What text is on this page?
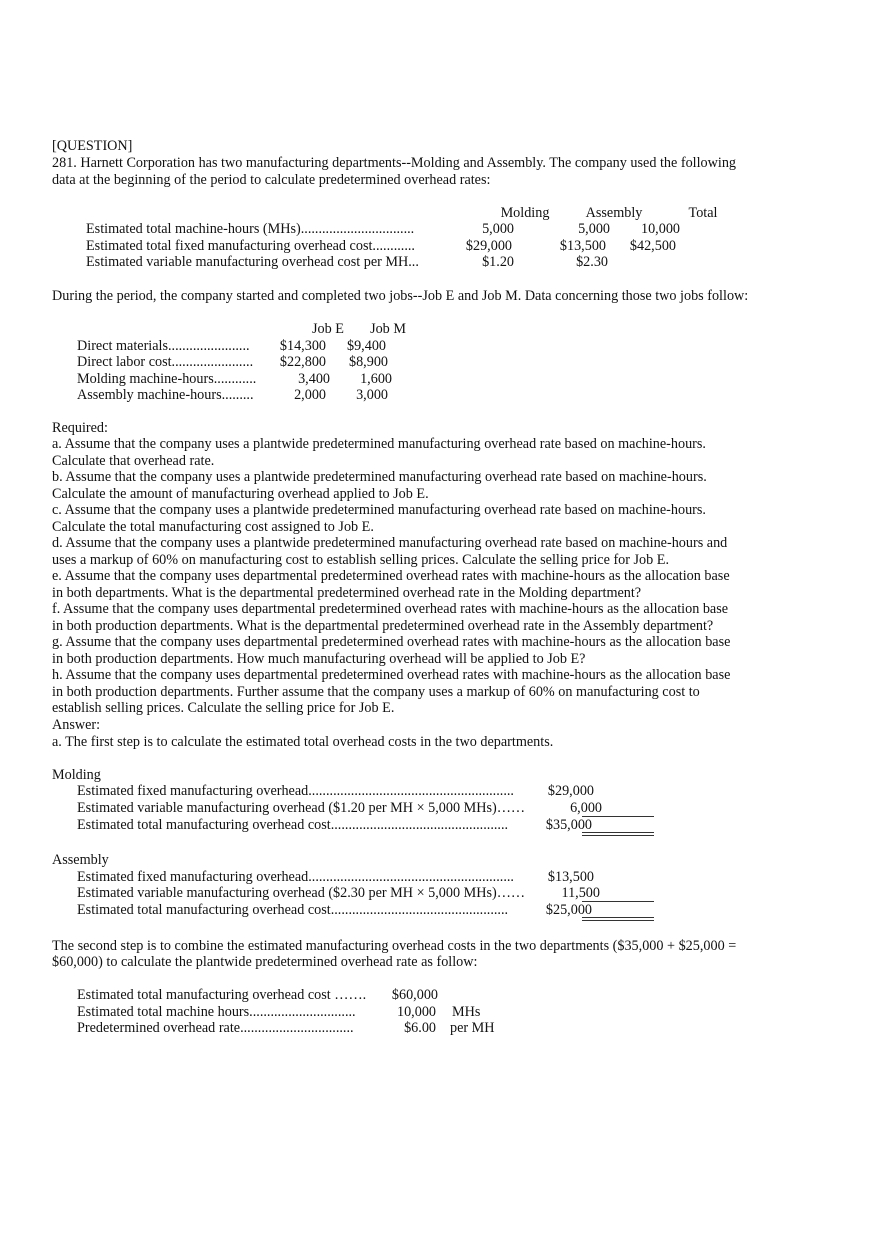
[QUESTION]
281. Harnett Corporation has two manufacturing departments--Molding and Assembly. The company used the following
data at the beginning of the period to calculate predetermined overhead rates:
Molding	Assembly	Total
Estimated total machine-hours (MHs)................................	5,000	5,000	10,000
Estimated total fixed manufacturing overhead cost............	$29,000	$13,500	$42,500
Estimated variable manufacturing overhead cost per MH...	$1.20	$2.30
During the period, the company started and completed two jobs--Job E and Job M. Data concerning those two jobs follow:
Job E	Job M
Direct materials.......................	$14,300	$9,400
Direct labor cost.......................	$22,800	$8,900
Molding machine-hours............	3,400	1,600
Assembly machine-hours.........	2,000	3,000
Required:
a. Assume that the company uses a plantwide predetermined manufacturing overhead rate based on machine-hours.
Calculate that overhead rate.
b. Assume that the company uses a plantwide predetermined manufacturing overhead rate based on machine-hours.
Calculate the amount of manufacturing overhead applied to Job E.
c. Assume that the company uses a plantwide predetermined manufacturing overhead rate based on machine-hours.
Calculate the total manufacturing cost assigned to Job E.
d. Assume that the company uses a plantwide predetermined manufacturing overhead rate based on machine-hours and
uses a markup of 60% on manufacturing cost to establish selling prices. Calculate the selling price for Job E.
e. Assume that the company uses departmental predetermined overhead rates with machine-hours as the allocation base
in both departments. What is the departmental predetermined overhead rate in the Molding department?
f. Assume that the company uses departmental predetermined overhead rates with machine-hours as the allocation base
in both production departments. What is the departmental predetermined overhead rate in the Assembly department?
g. Assume that the company uses departmental predetermined overhead rates with machine-hours as the allocation base
in both production departments. How much manufacturing overhead will be applied to Job E?
h. Assume that the company uses departmental predetermined overhead rates with machine-hours as the allocation base
in both production departments. Further assume that the company uses a markup of 60% on manufacturing cost to
establish selling prices. Calculate the selling price for Job E.
Answer:
a. The first step is to calculate the estimated total overhead costs in the two departments.
Molding
Estimated fixed manufacturing overhead..........................................................	$29,000
Estimated variable manufacturing overhead ($1.20 per MH × 5,000 MHs)……	6,000
Estimated total manufacturing overhead cost..................................................	$35,000
Assembly
Estimated fixed manufacturing overhead..........................................................	$13,500
Estimated variable manufacturing overhead ($2.30 per MH × 5,000 MHs)……	11,500
Estimated total manufacturing overhead cost..................................................	$25,000
The second step is to combine the estimated manufacturing overhead costs in the two departments ($35,000 + $25,000 =
$60,000) to calculate the plantwide predetermined overhead rate as follow:
Estimated total manufacturing overhead cost …….	$60,000
Estimated total machine hours..............................	10,000 MHs
Predetermined overhead rate................................	$6.00 per MH
